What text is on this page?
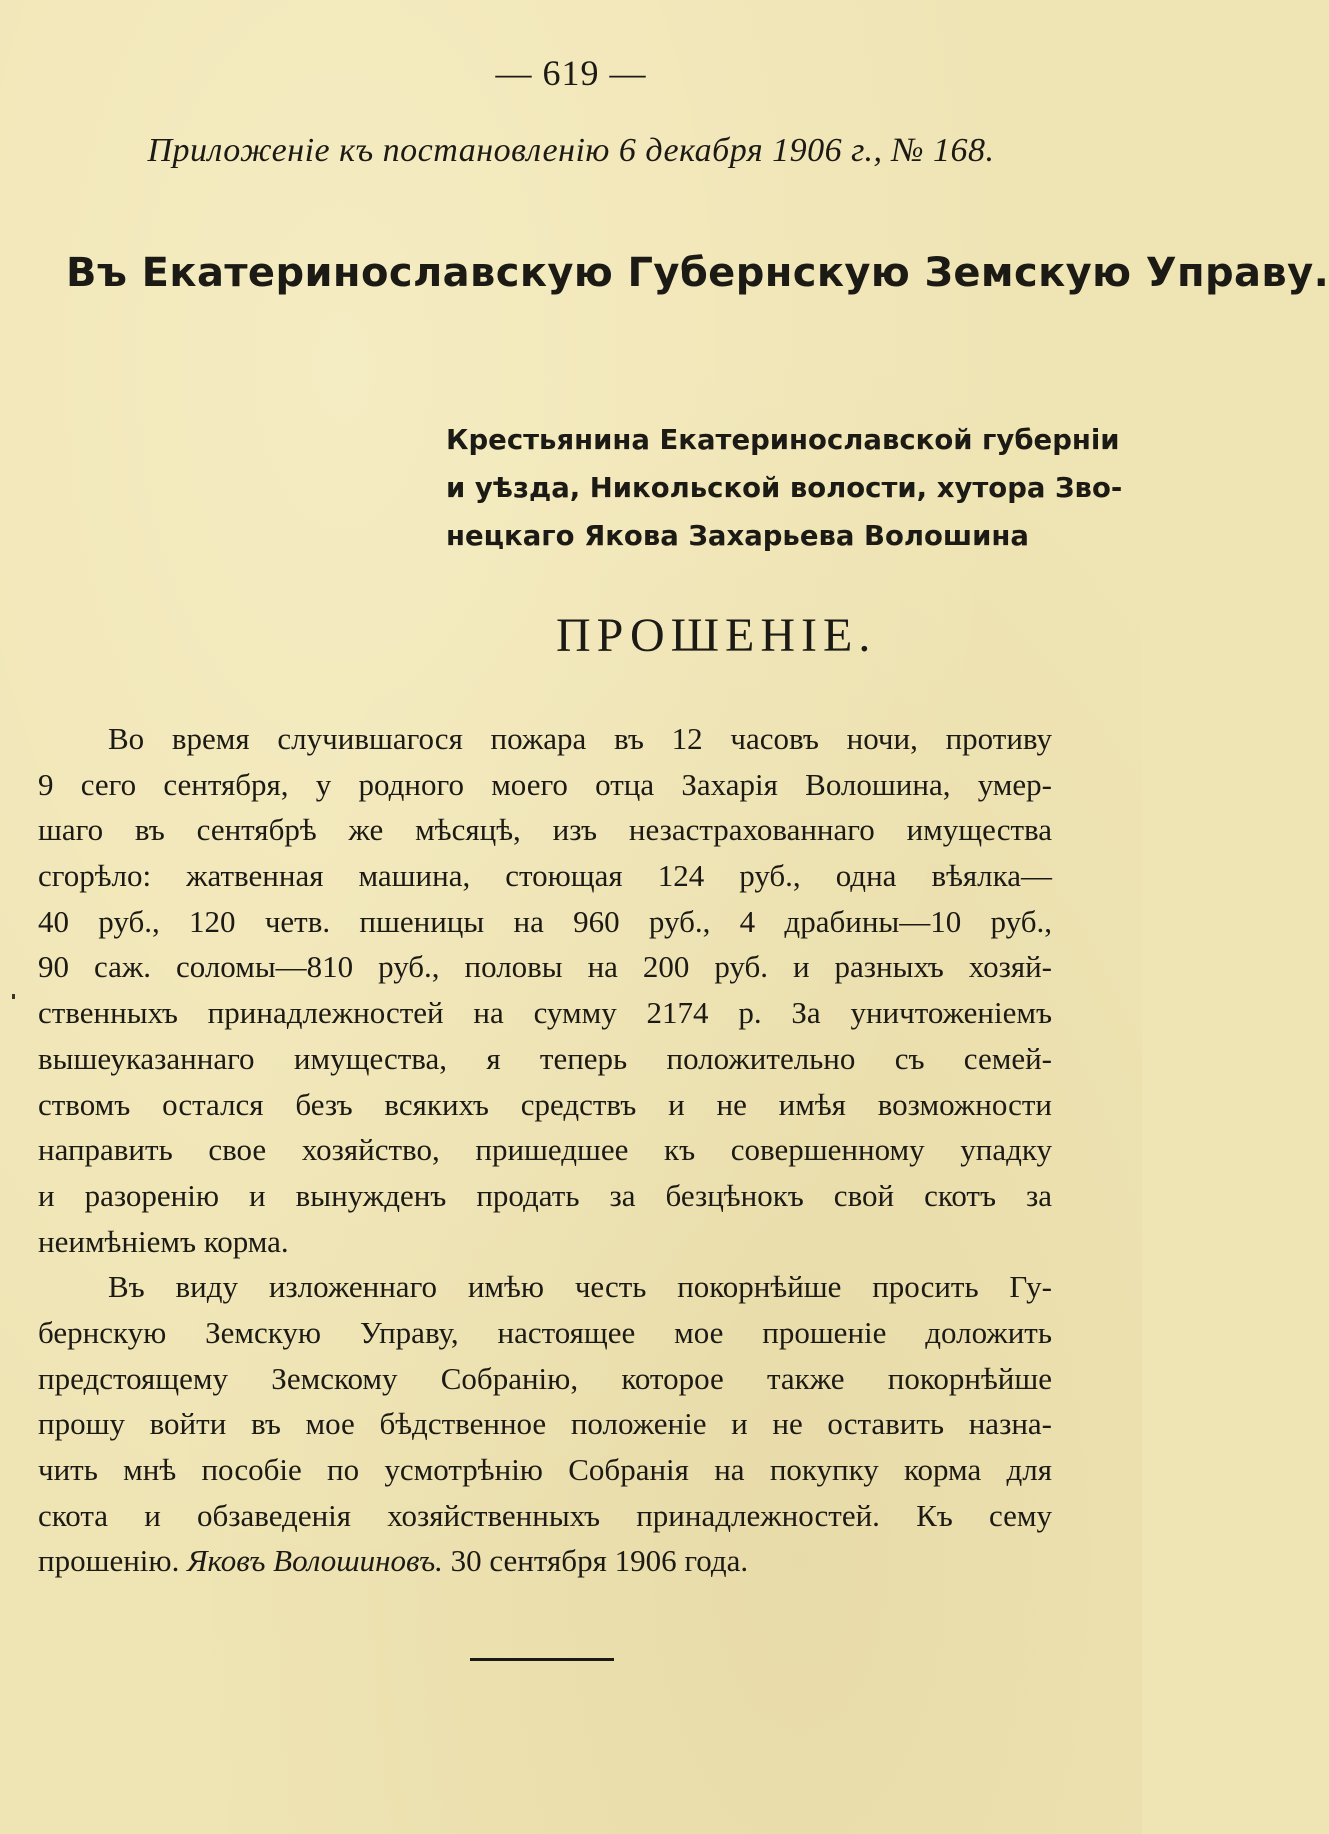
— 619 —
Приложеніе къ постановленію 6 декабря 1906 г., № 168.
Въ Екатеринославскую Губернскую Земскую Управу.
Крестьянина Екатеринославской губерніи
и уѣзда, Никольской волости, хутора Зво-
нецкаго Якова Захарьева Волошина
ПРОШЕНІЕ.
Во время случившагося пожара въ 12 часовъ ночи, противу
9 сего сентября, у родного моего отца Захарія Волошина, умер-
шаго въ сентябрѣ же мѣсяцѣ, изъ незастрахованнаго имущества
сгорѣло: жатвенная машина, стоющая 124 руб., одна вѣялка—
40 руб., 120 четв. пшеницы на 960 руб., 4 драбины—10 руб.,
90 саж. соломы—810 руб., половы на 200 руб. и разныхъ хозяй-
ственныхъ принадлежностей на сумму 2174 р. За уничтоженіемъ
вышеуказаннаго имущества, я теперь положительно съ семей-
ствомъ остался безъ всякихъ средствъ и не имѣя возможности
направить свое хозяйство, пришедшее къ совершенному упадку
и разоренію и вынужденъ продать за безцѣнокъ свой скотъ за
неимѣніемъ корма.
Въ виду изложеннаго имѣю честь покорнѣйше просить Гу-
бернскую Земскую Управу, настоящее мое прошеніе доложить
предстоящему Земскому Собранію, которое также покорнѣйше
прошу войти въ мое бѣдственное положеніе и не оставить назна-
чить мнѣ пособіе по усмотрѣнію Собранія на покупку корма для
скота и обзаведенія хозяйственныхъ принадлежностей. Къ сему
прошенію. Яковъ Волошиновъ. 30 сентября 1906 года.
